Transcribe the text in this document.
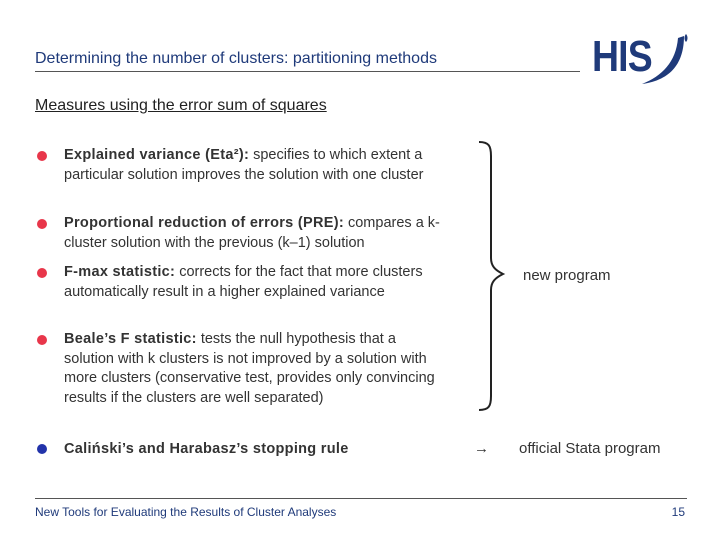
Determining the number of clusters: partitioning methods	HIS
Measures using the error sum of squares
Explained variance (Eta²): specifies to which extent a particular solution improves the solution with one cluster
Proportional reduction of errors (PRE): compares a k-cluster solution with the previous (k–1) solution
F-max statistic: corrects for the fact that more clusters automatically result in a higher explained variance
Beale’s F statistic: tests the null hypothesis that a solution with k clusters is not improved by a solution with more clusters (conservative test, provides only convincing results if the clusters are well separated)
Caliński’s and Harabasz’s stopping rule
new program
→ official Stata program
New Tools for Evaluating the Results of Cluster Analyses	15
